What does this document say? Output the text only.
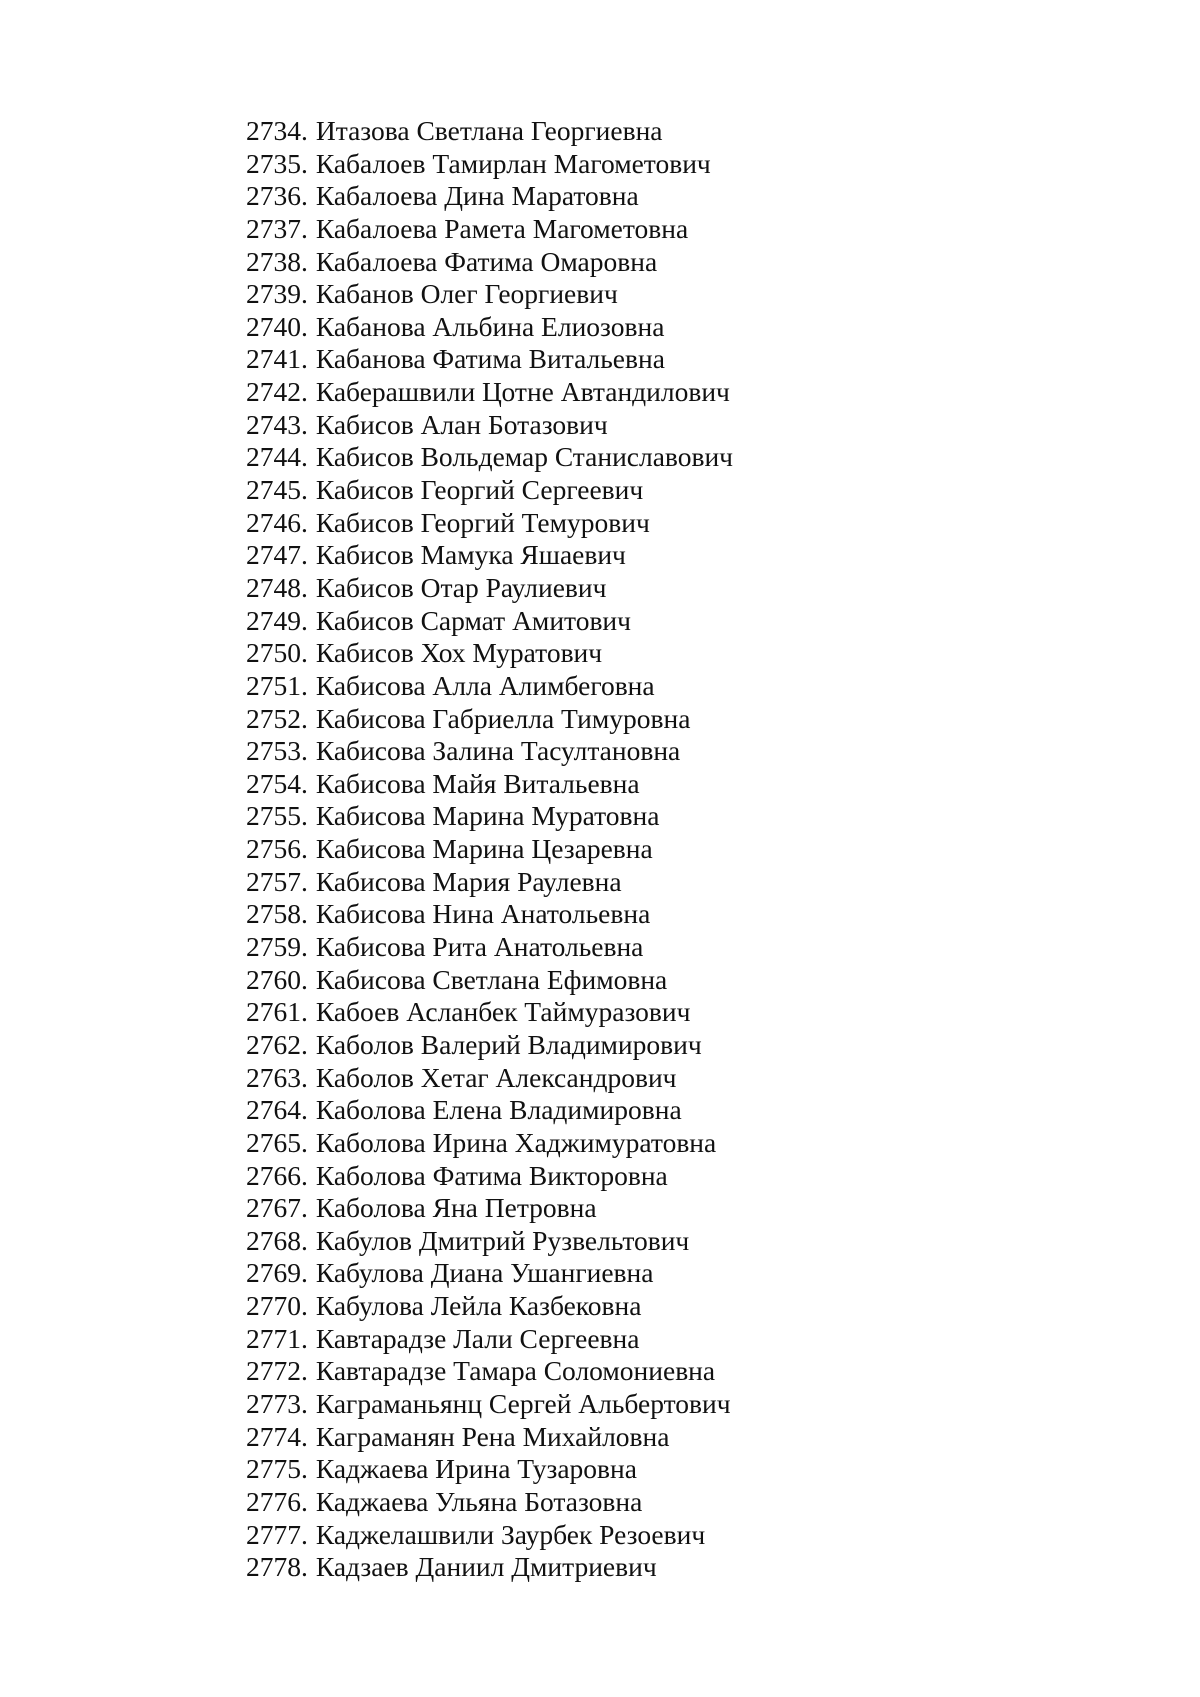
2734. Итазова Светлана Георгиевна
2735. Кабалоев Тамирлан Магометович
2736. Кабалоева Дина Маратовна
2737. Кабалоева Рамета Магометовна
2738. Кабалоева Фатима Омаровна
2739. Кабанов Олег Георгиевич
2740. Кабанова Альбина Елиозовна
2741. Кабанова Фатима Витальевна
2742. Каберашвили Цотне Автандилович
2743. Кабисов Алан Ботазович
2744. Кабисов Вольдемар Станиславович
2745. Кабисов Георгий Сергеевич
2746. Кабисов Георгий Темурович
2747. Кабисов Мамука Яшаевич
2748. Кабисов Отар Раулиевич
2749. Кабисов Сармат Амитович
2750. Кабисов Хох Муратович
2751. Кабисова Алла Алимбеговна
2752. Кабисова Габриелла Тимуровна
2753. Кабисова Залина Тасултановна
2754. Кабисова Майя Витальевна
2755. Кабисова Марина Муратовна
2756. Кабисова Марина Цезаревна
2757. Кабисова Мария Раулевна
2758. Кабисова Нина Анатольевна
2759. Кабисова Рита Анатольевна
2760. Кабисова Светлана Ефимовна
2761. Кабоев Асланбек Таймуразович
2762. Каболов Валерий Владимирович
2763. Каболов Хетаг Александрович
2764. Каболова Елена Владимировна
2765. Каболова Ирина Хаджимуратовна
2766. Каболова Фатима Викторовна
2767. Каболова Яна Петровна
2768. Кабулов Дмитрий Рузвельтович
2769. Кабулова Диана Ушангиевна
2770. Кабулова Лейла Казбековна
2771. Кавтарадзе Лали Сергеевна
2772. Кавтарадзе Тамара Соломониевна
2773. Каграманьянц Сергей Альбертович
2774. Каграманян Рена Михайловна
2775. Каджаева Ирина Тузаровна
2776. Каджаева Ульяна Ботазовна
2777. Каджелашвили Заурбек Резоевич
2778. Кадзаев Даниил Дмитриевич
